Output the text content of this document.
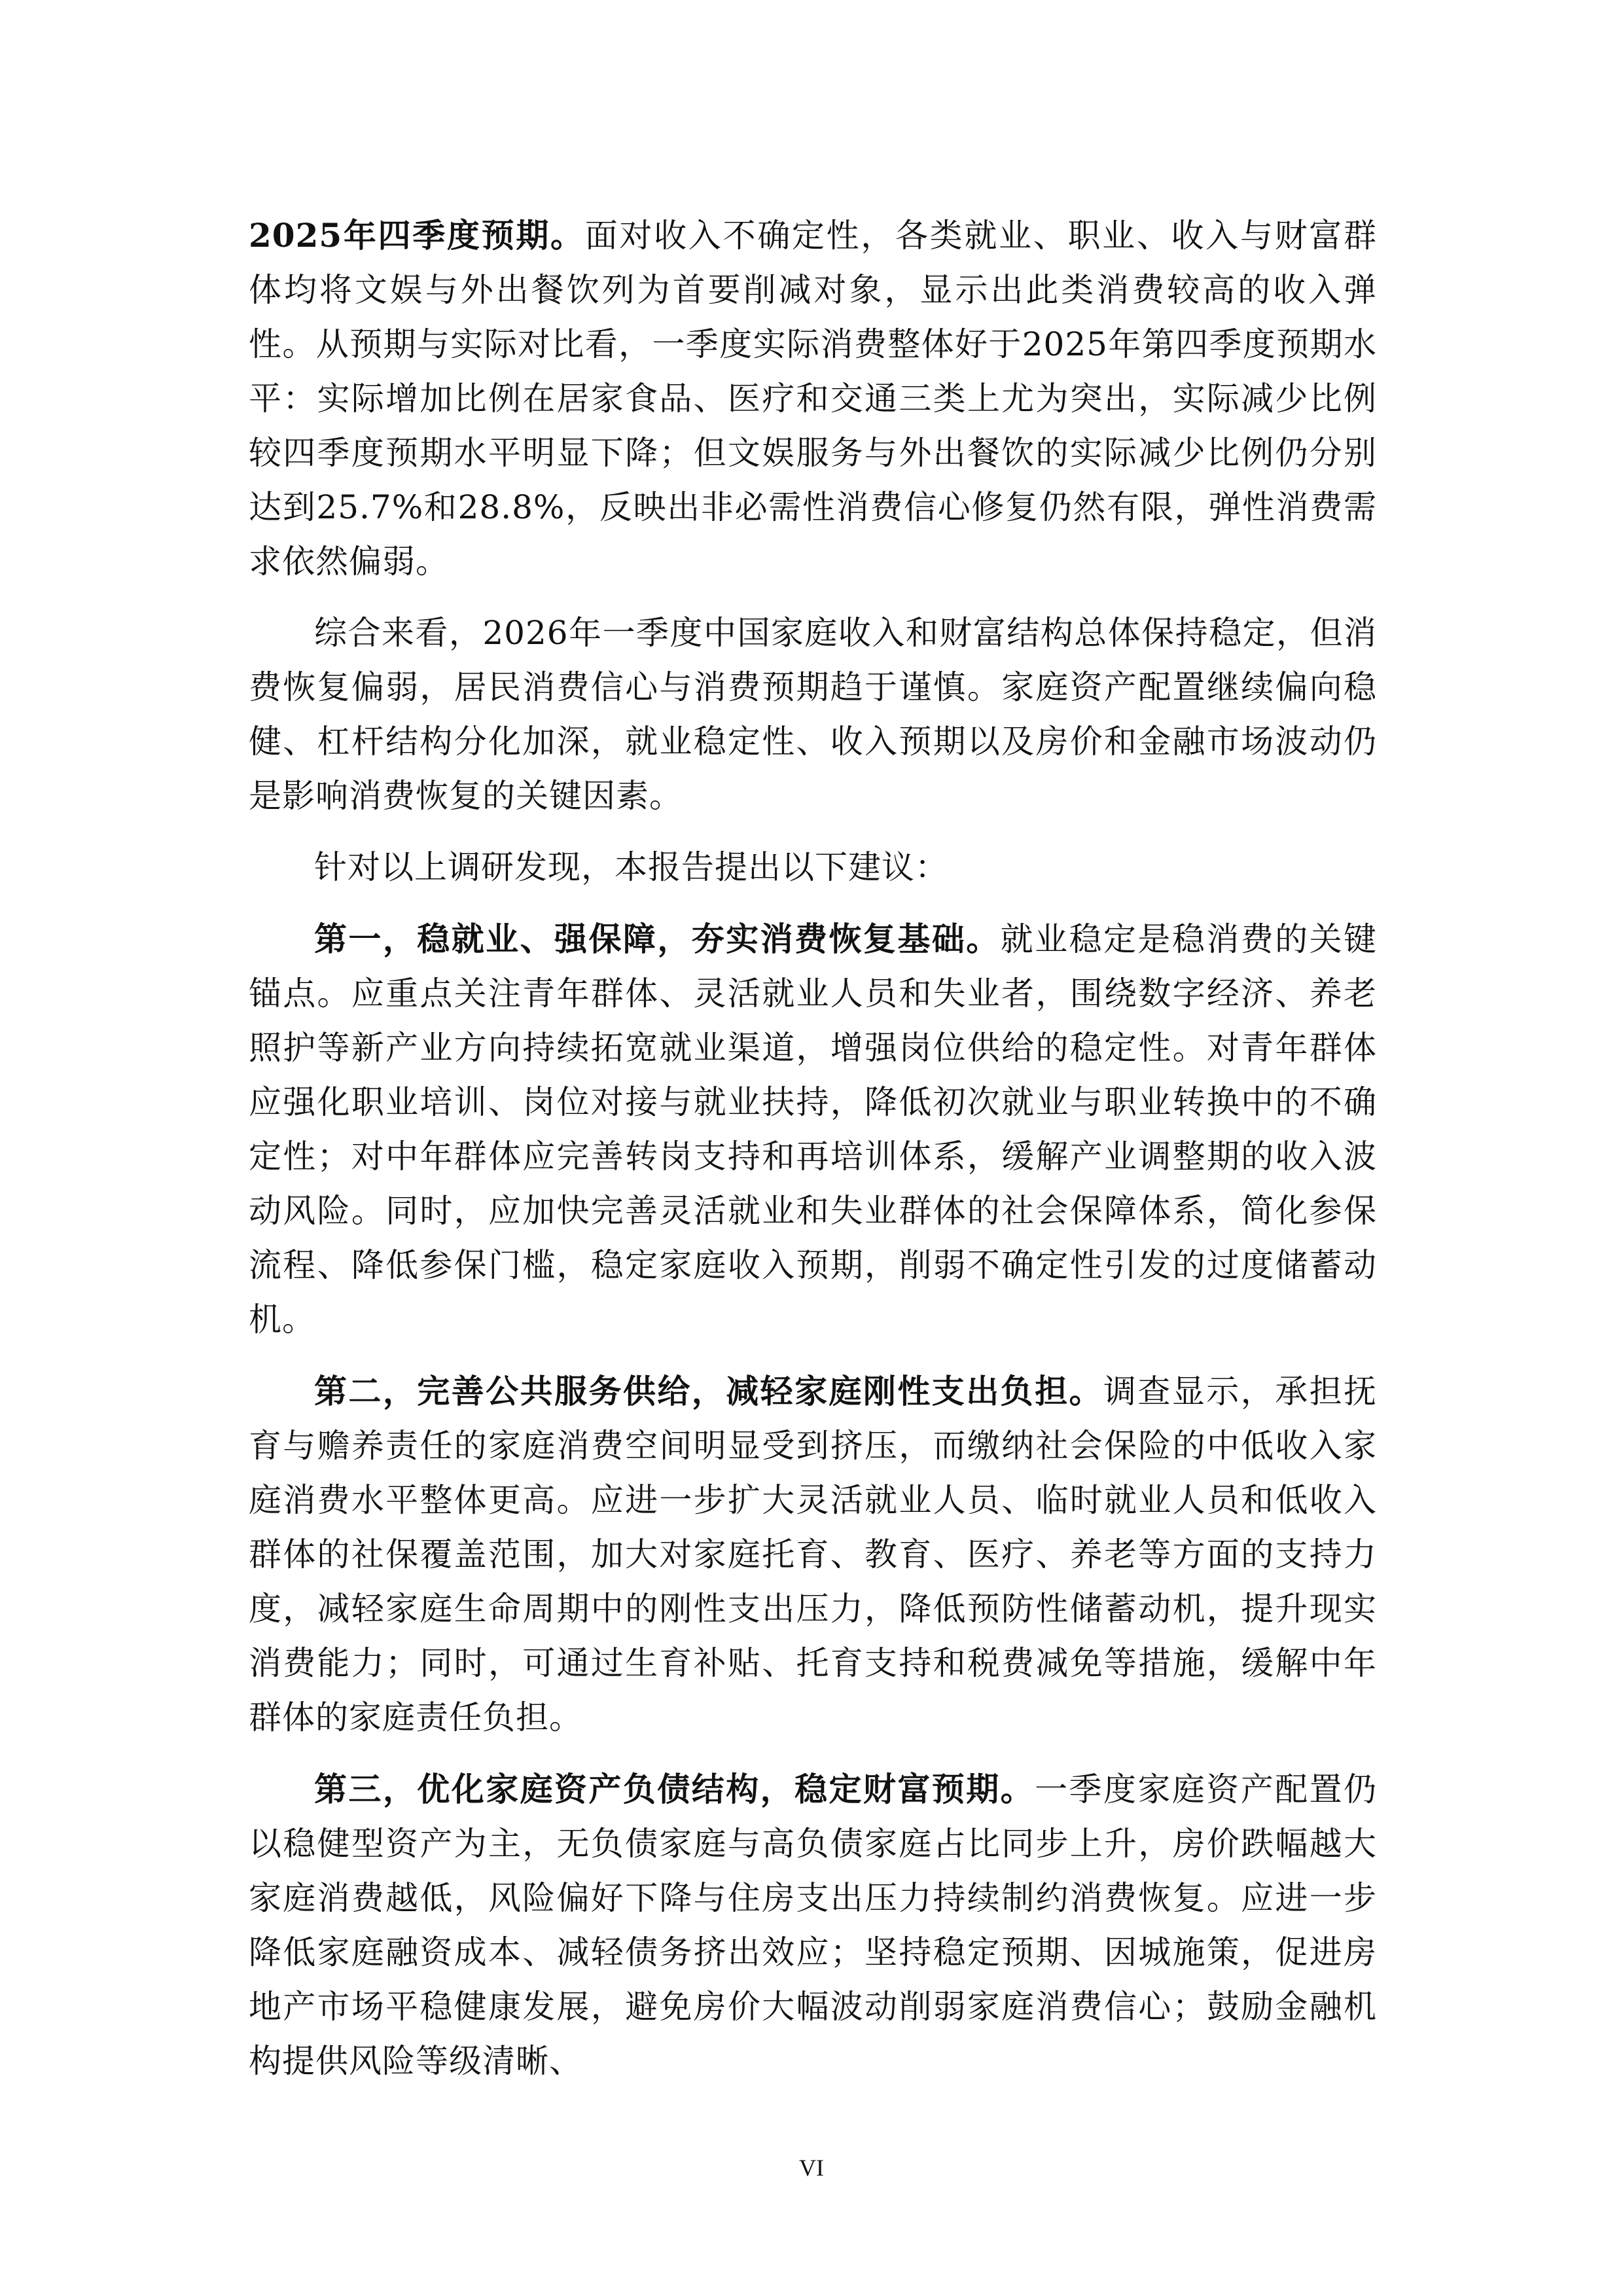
2025年四季度预期。面对收入不确定性，各类就业、职业、收入与财富群体均将文娱与外出餐饮列为首要削减对象，显示出此类消费较高的收入弹性。从预期与实际对比看，一季度实际消费整体好于2025年第四季度预期水平：实际增加比例在居家食品、医疗和交通三类上尤为突出，实际减少比例较四季度预期水平明显下降；但文娱服务与外出餐饮的实际减少比例仍分别达到25.7%和28.8%，反映出非必需性消费信心修复仍然有限，弹性消费需求依然偏弱。

综合来看，2026年一季度中国家庭收入和财富结构总体保持稳定，但消费恢复偏弱，居民消费信心与消费预期趋于谨慎。家庭资产配置继续偏向稳健、杠杆结构分化加深，就业稳定性、收入预期以及房价和金融市场波动仍是影响消费恢复的关键因素。

针对以上调研发现，本报告提出以下建议：

第一，稳就业、强保障，夯实消费恢复基础。就业稳定是稳消费的关键锚点。应重点关注青年群体、灵活就业人员和失业者，围绕数字经济、养老照护等新产业方向持续拓宽就业渠道，增强岗位供给的稳定性。对青年群体应强化职业培训、岗位对接与就业扶持，降低初次就业与职业转换中的不确定性；对中年群体应完善转岗支持和再培训体系，缓解产业调整期的收入波动风险。同时，应加快完善灵活就业和失业群体的社会保障体系，简化参保流程、降低参保门槛，稳定家庭收入预期，削弱不确定性引发的过度储蓄动机。

第二，完善公共服务供给，减轻家庭刚性支出负担。调查显示，承担抚育与赡养责任的家庭消费空间明显受到挤压，而缴纳社会保险的中低收入家庭消费水平整体更高。应进一步扩大灵活就业人员、临时就业人员和低收入群体的社保覆盖范围，加大对家庭托育、教育、医疗、养老等方面的支持力度，减轻家庭生命周期中的刚性支出压力，降低预防性储蓄动机，提升现实消费能力；同时，可通过生育补贴、托育支持和税费减免等措施，缓解中年群体的家庭责任负担。

第三，优化家庭资产负债结构，稳定财富预期。一季度家庭资产配置仍以稳健型资产为主，无负债家庭与高负债家庭占比同步上升，房价跌幅越大家庭消费越低，风险偏好下降与住房支出压力持续制约消费恢复。应进一步降低家庭融资成本、减轻债务挤出效应；坚持稳定预期、因城施策，促进房地产市场平稳健康发展，避免房价大幅波动削弱家庭消费信心；鼓励金融机构提供风险等级清晰、

VI
